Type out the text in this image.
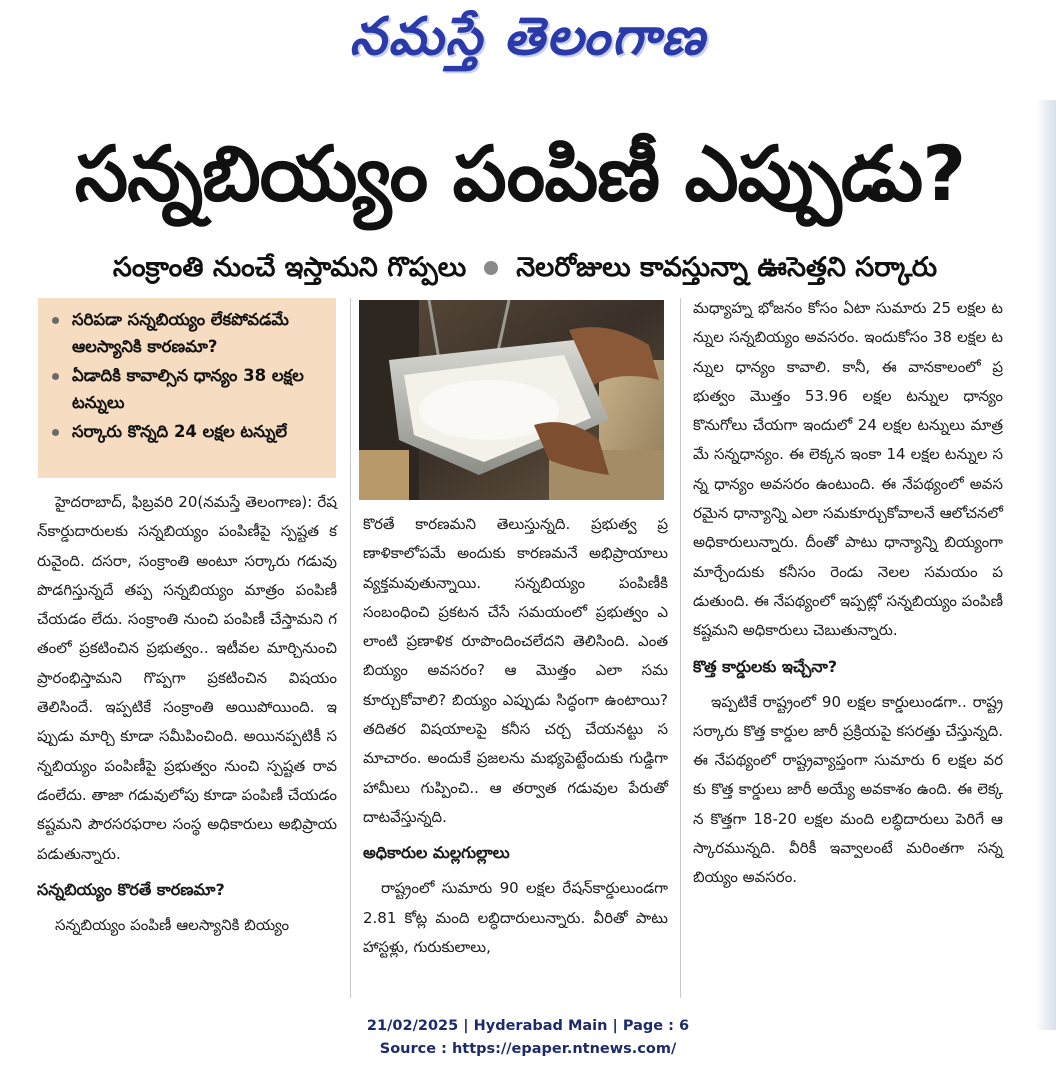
నమస్తే తెలంగాణ
సన్నబియ్యం పంపిణీ ఎప్పుడు?
సంక్రాంతి నుంచే ఇస్తామని గొప్పలు నెలరోజులు కావస్తున్నా ఊసెత్తని సర్కారు
సరిపడా సన్నబియ్యం లేకపోవడమే ఆలస్యానికి కారణమా?
ఏడాదికి కావాల్సిన ధాన్యం 38 లక్షల టన్నులు
సర్కారు కొన్నది 24 లక్షల టన్నులే

హైదరాబాద్, ఫిబ్రవరి 20(నమస్తే తెలంగాణ): రేషన్‌కార్డుదారులకు సన్నబియ్యం పంపిణీపై స్పష్టత కరువైంది. దసరా, సంక్రాంతి అంటూ సర్కారు గడువు పొడగిస్తున్నదే తప్ప సన్నబియ్యం మాత్రం పంపిణీ చేయడం లేదు. సంక్రాంతి నుంచి పంపిణీ చేస్తామని గతంలో ప్రకటించిన ప్రభుత్వం.. ఇటీవల మార్చినుంచి ప్రారంభిస్తామని గొప్పగా ప్రకటించిన విషయం తెలిసిందే. ఇప్పటికే సంక్రాంతి అయిపోయింది. ఇప్పుడు మార్చి కూడా సమీపించింది. అయినప్పటికీ సన్నబియ్యం పంపిణీపై ప్రభుత్వం నుంచి స్పష్టత రావడంలేదు. తాజా గడువులోపు కూడా పంపిణీ చేయడం కష్టమని పౌరసరఫరాల సంస్థ అధికారులు అభిప్రాయపడుతున్నారు.

సన్నబియ్యం కొరతే కారణమా?

సన్నబియ్యం పంపిణీ ఆలస్యానికి బియ్యం

కొరతే కారణమని తెలుస్తున్నది. ప్రభుత్వ ప్రణాళికాలోపమే అందుకు కారణమనే అభిప్రాయాలు వ్యక్తమవుతున్నాయి. సన్నబియ్యం పంపిణీకి సంబంధించి ప్రకటన చేసే సమయంలో ప్రభుత్వం ఎలాంటి ప్రణాళిక రూపొందించలేదని తెలిసింది. ఎంత బియ్యం అవసరం? ఆ మొత్తం ఎలా సమకూర్చుకోవాలి? బియ్యం ఎప్పుడు సిద్ధంగా ఉంటాయి? తదితర విషయాలపై కనీస చర్చ చేయనట్టు సమాచారం. అందుకే ప్రజలను మభ్యపెట్టేందుకు గుడ్డిగా హామీలు గుప్పించి.. ఆ తర్వాత గడువుల పేరుతో దాటవేస్తున్నది.

అధికారుల మల్లగుల్లాలు

రాష్ట్రంలో సుమారు 90 లక్షల రేషన్‌కార్డులుండగా 2.81 కోట్ల మంది లబ్ధిదారులున్నారు. వీరితో పాటు హాస్టళ్లు, గురుకులాలు,

మధ్యాహ్న భోజనం కోసం ఏటా సుమారు 25 లక్షల టన్నుల సన్నబియ్యం అవసరం. ఇందుకోసం 38 లక్షల టన్నుల ధాన్యం కావాలి. కానీ, ఈ వానకాలంలో ప్రభుత్వం మొత్తం 53.96 లక్షల టన్నుల ధాన్యం కొనుగోలు చేయగా ఇందులో 24 లక్షల టన్నులు మాత్రమే సన్నధాన్యం. ఈ లెక్కన ఇంకా 14 లక్షల టన్నుల సన్న ధాన్యం అవసరం ఉంటుంది. ఈ నేపథ్యంలో అవసరమైన ధాన్యాన్ని ఎలా సమకూర్చుకోవాలనే ఆలోచనలో అధికారులున్నారు. దీంతో పాటు ధాన్యాన్ని బియ్యంగా మార్చేందుకు కనీసం రెండు నెలల సమయం పడుతుంది. ఈ నేపథ్యంలో ఇప్పట్లో సన్నబియ్యం పంపిణీ కష్టమని అధికారులు చెబుతున్నారు.

కొత్త కార్డులకు ఇచ్చేనా?

ఇప్పటికే రాష్ట్రంలో 90 లక్షల కార్డులుండగా.. రాష్ట్ర సర్కారు కొత్త కార్డుల జారీ ప్రక్రియపై కసరత్తు చేస్తున్నది. ఈ నేపథ్యంలో రాష్ట్రవ్యాప్తంగా సుమారు 6 లక్షల వరకు కొత్త కార్డులు జారీ అయ్యే అవకాశం ఉంది. ఈ లెక్కన కొత్తగా 18-20 లక్షల మంది లబ్ధిదారులు పెరిగే ఆస్కారమున్నది. వీరికీ ఇవ్వాలంటే మరింతగా సన్నబియ్యం అవసరం.

21/02/2025 | Hyderabad Main | Page : 6
Source : https://epaper.ntnews.com/
